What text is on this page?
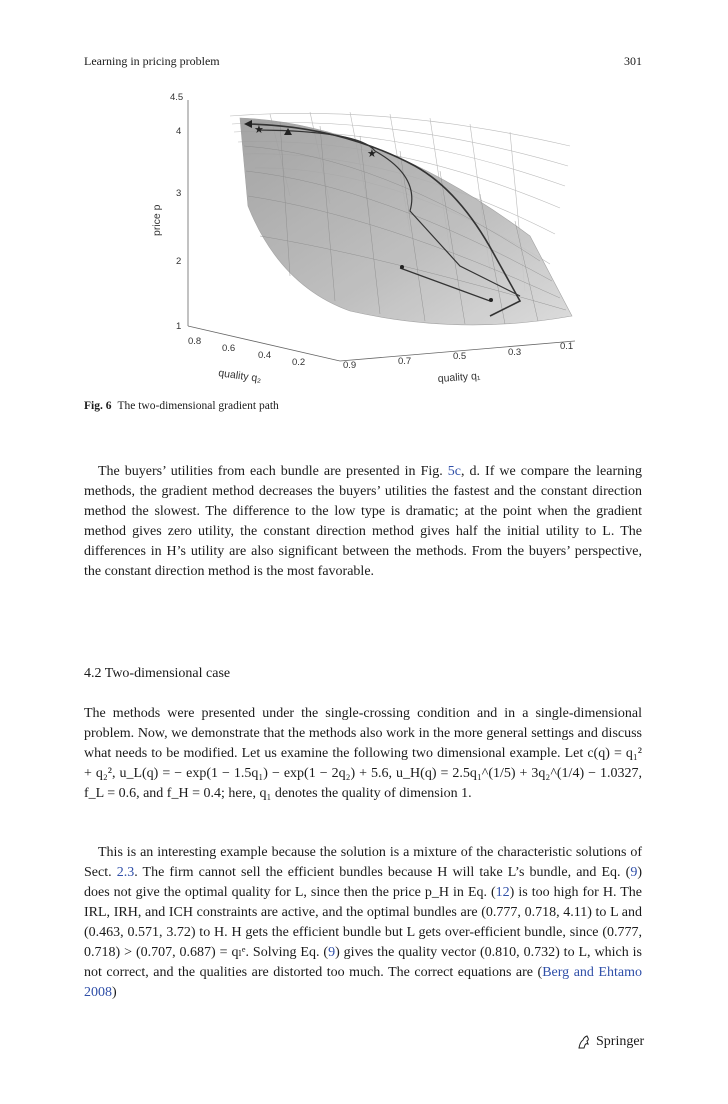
Learning in pricing problem	301
★
★
4.5
4
3
2
1
price p
0.8
0.6
0.4
0.2
quality q₂
0.9	0.7	0.5	0.3
0.1
quality q₁
Fig. 6 The two-dimensional gradient path
The buyers’ utilities from each bundle are presented in Fig. 5c, d. If we compare the learning methods, the gradient method decreases the buyers’ utilities the fastest and the constant direction method the slowest. The difference to the low type is dramatic; at the point when the gradient method gives zero utility, the constant direction method gives half the initial utility to L. The differences in H’s utility are also significant between the methods. From the buyers’ perspective, the constant direction method is the most favorable.
4.2 Two-dimensional case
The methods were presented under the single-crossing condition and in a single-dimensional problem. Now, we demonstrate that the methods also work in the more general settings and discuss what needs to be modified. Let us examine the following two dimensional example. Let c(q) = q₁² + q₂², u_L(q) = − exp(1 − 1.5q₁) − exp(1 − 2q₂) + 5.6, u_H(q) = 2.5q₁^(1/5) + 3q₂^(1/4) − 1.0327, f_L = 0.6, and f_H = 0.4; here, q₁ denotes the quality of dimension 1.
This is an interesting example because the solution is a mixture of the characteristic solutions of Sect. 2.3. The firm cannot sell the efficient bundles because H will take L’s bundle, and Eq. (9) does not give the optimal quality for L, since then the price p_H in Eq. (12) is too high for H. The IRL, IRH, and ICH constraints are active, and the optimal bundles are (0.777, 0.718, 4.11) to L and (0.463, 0.571, 3.72) to H. H gets the efficient bundle but L gets over-efficient bundle, since (0.777, 0.718) > (0.707, 0.687) = qₗᵉ. Solving Eq. (9) gives the quality vector (0.810, 0.732) to L, which is not correct, and the qualities are distorted too much. The correct equations are (Berg and Ehtamo 2008)
Springer
